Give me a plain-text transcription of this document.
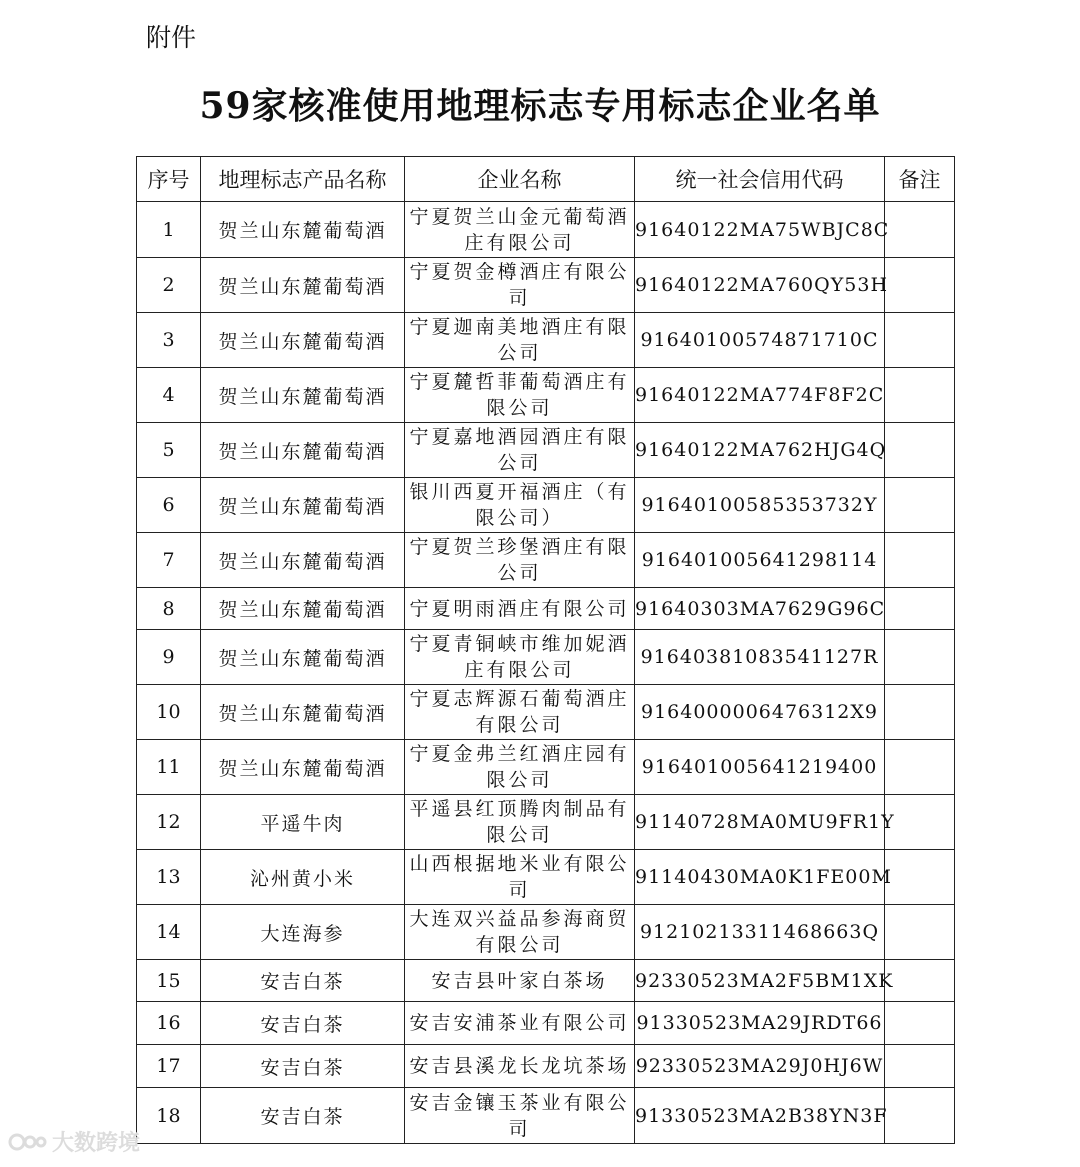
附件
59家核准使用地理标志专用标志企业名单
序号	地理标志产品名称	企业名称	统一社会信用代码	备注
1	贺兰山东麓葡萄酒	宁夏贺兰山金元葡萄酒庄有限公司	91640122MA75WBJC8C	
2	贺兰山东麓葡萄酒	宁夏贺金樽酒庄有限公司	91640122MA760QY53H	
3	贺兰山东麓葡萄酒	宁夏迦南美地酒庄有限公司	91640100574871710C	
4	贺兰山东麓葡萄酒	宁夏麓哲菲葡萄酒庄有限公司	91640122MA774F8F2C	
5	贺兰山东麓葡萄酒	宁夏嘉地酒园酒庄有限公司	91640122MA762HJG4Q	
6	贺兰山东麓葡萄酒	银川西夏开福酒庄（有限公司）	91640100585353732Y	
7	贺兰山东麓葡萄酒	宁夏贺兰珍堡酒庄有限公司	916401005641298114	
8	贺兰山东麓葡萄酒	宁夏明雨酒庄有限公司	91640303MA7629G96C	
9	贺兰山东麓葡萄酒	宁夏青铜峡市维加妮酒庄有限公司	91640381083541127R	
10	贺兰山东麓葡萄酒	宁夏志辉源石葡萄酒庄有限公司	9164000006476312X9	
11	贺兰山东麓葡萄酒	宁夏金弗兰红酒庄园有限公司	916401005641219400	
12	平遥牛肉	平遥县红顶腾肉制品有限公司	91140728MA0MU9FR1Y	
13	沁州黄小米	山西根据地米业有限公司	91140430MA0K1FE00M	
14	大连海参	大连双兴益品参海商贸有限公司	91210213311468663Q	
15	安吉白茶	安吉县叶家白茶场	92330523MA2F5BM1XK	
16	安吉白茶	安吉安浦茶业有限公司	91330523MA29JRDT66	
17	安吉白茶	安吉县溪龙长龙坑茶场	92330523MA29J0HJ6W	
18	安吉白茶	安吉金镶玉茶业有限公司	91330523MA2B38YN3F	
大数跨境
